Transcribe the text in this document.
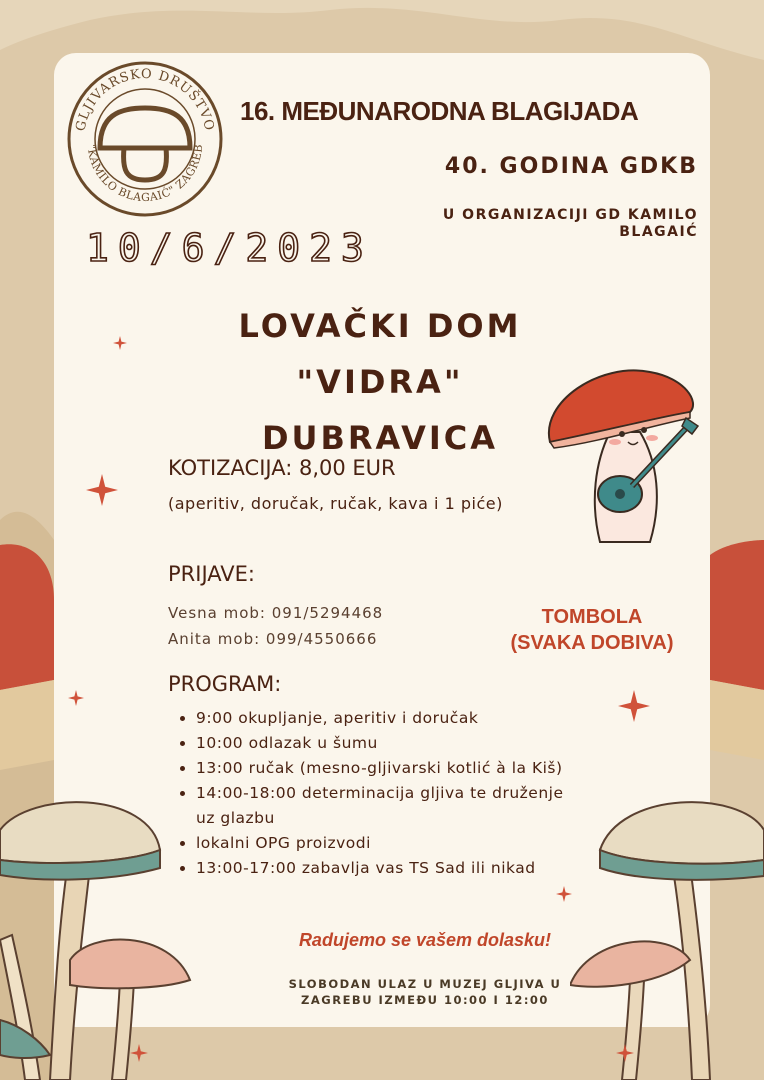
GLJIVARSKO DRUŠTVO
"KAMILO BLAGAIĆ" ZAGREB
16. MEĐUNARODNA BLAGIJADA
40. GODINA GDKB
U ORGANIZACIJI GD KAMILO
BLAGAIĆ
10/6/2023
LOVAČKI DOM "VIDRA"
DUBRAVICA
KOTIZACIJA: 8,00 EUR
(aperitiv, doručak, ručak, kava i 1 piće)
PRIJAVE:
Vesna mob: 091/5294468
Anita mob: 099/4550666
TOMBOLA
(SVAKA DOBIVA)
PROGRAM:
• 9:00 okupljanje, aperitiv i doručak
• 10:00 odlazak u šumu
• 13:00 ručak (mesno-gljivarski kotlić à la Kiš)
• 14:00-18:00 determinacija gljiva te druženje uz glazbu
• lokalni OPG proizvodi
• 13:00-17:00 zabavlja vas TS Sad ili nikad
Radujemo se vašem dolasku!
SLOBODAN ULAZ U MUZEJ GLJIVA U
ZAGREBU IZMEĐU 10:00 I 12:00
